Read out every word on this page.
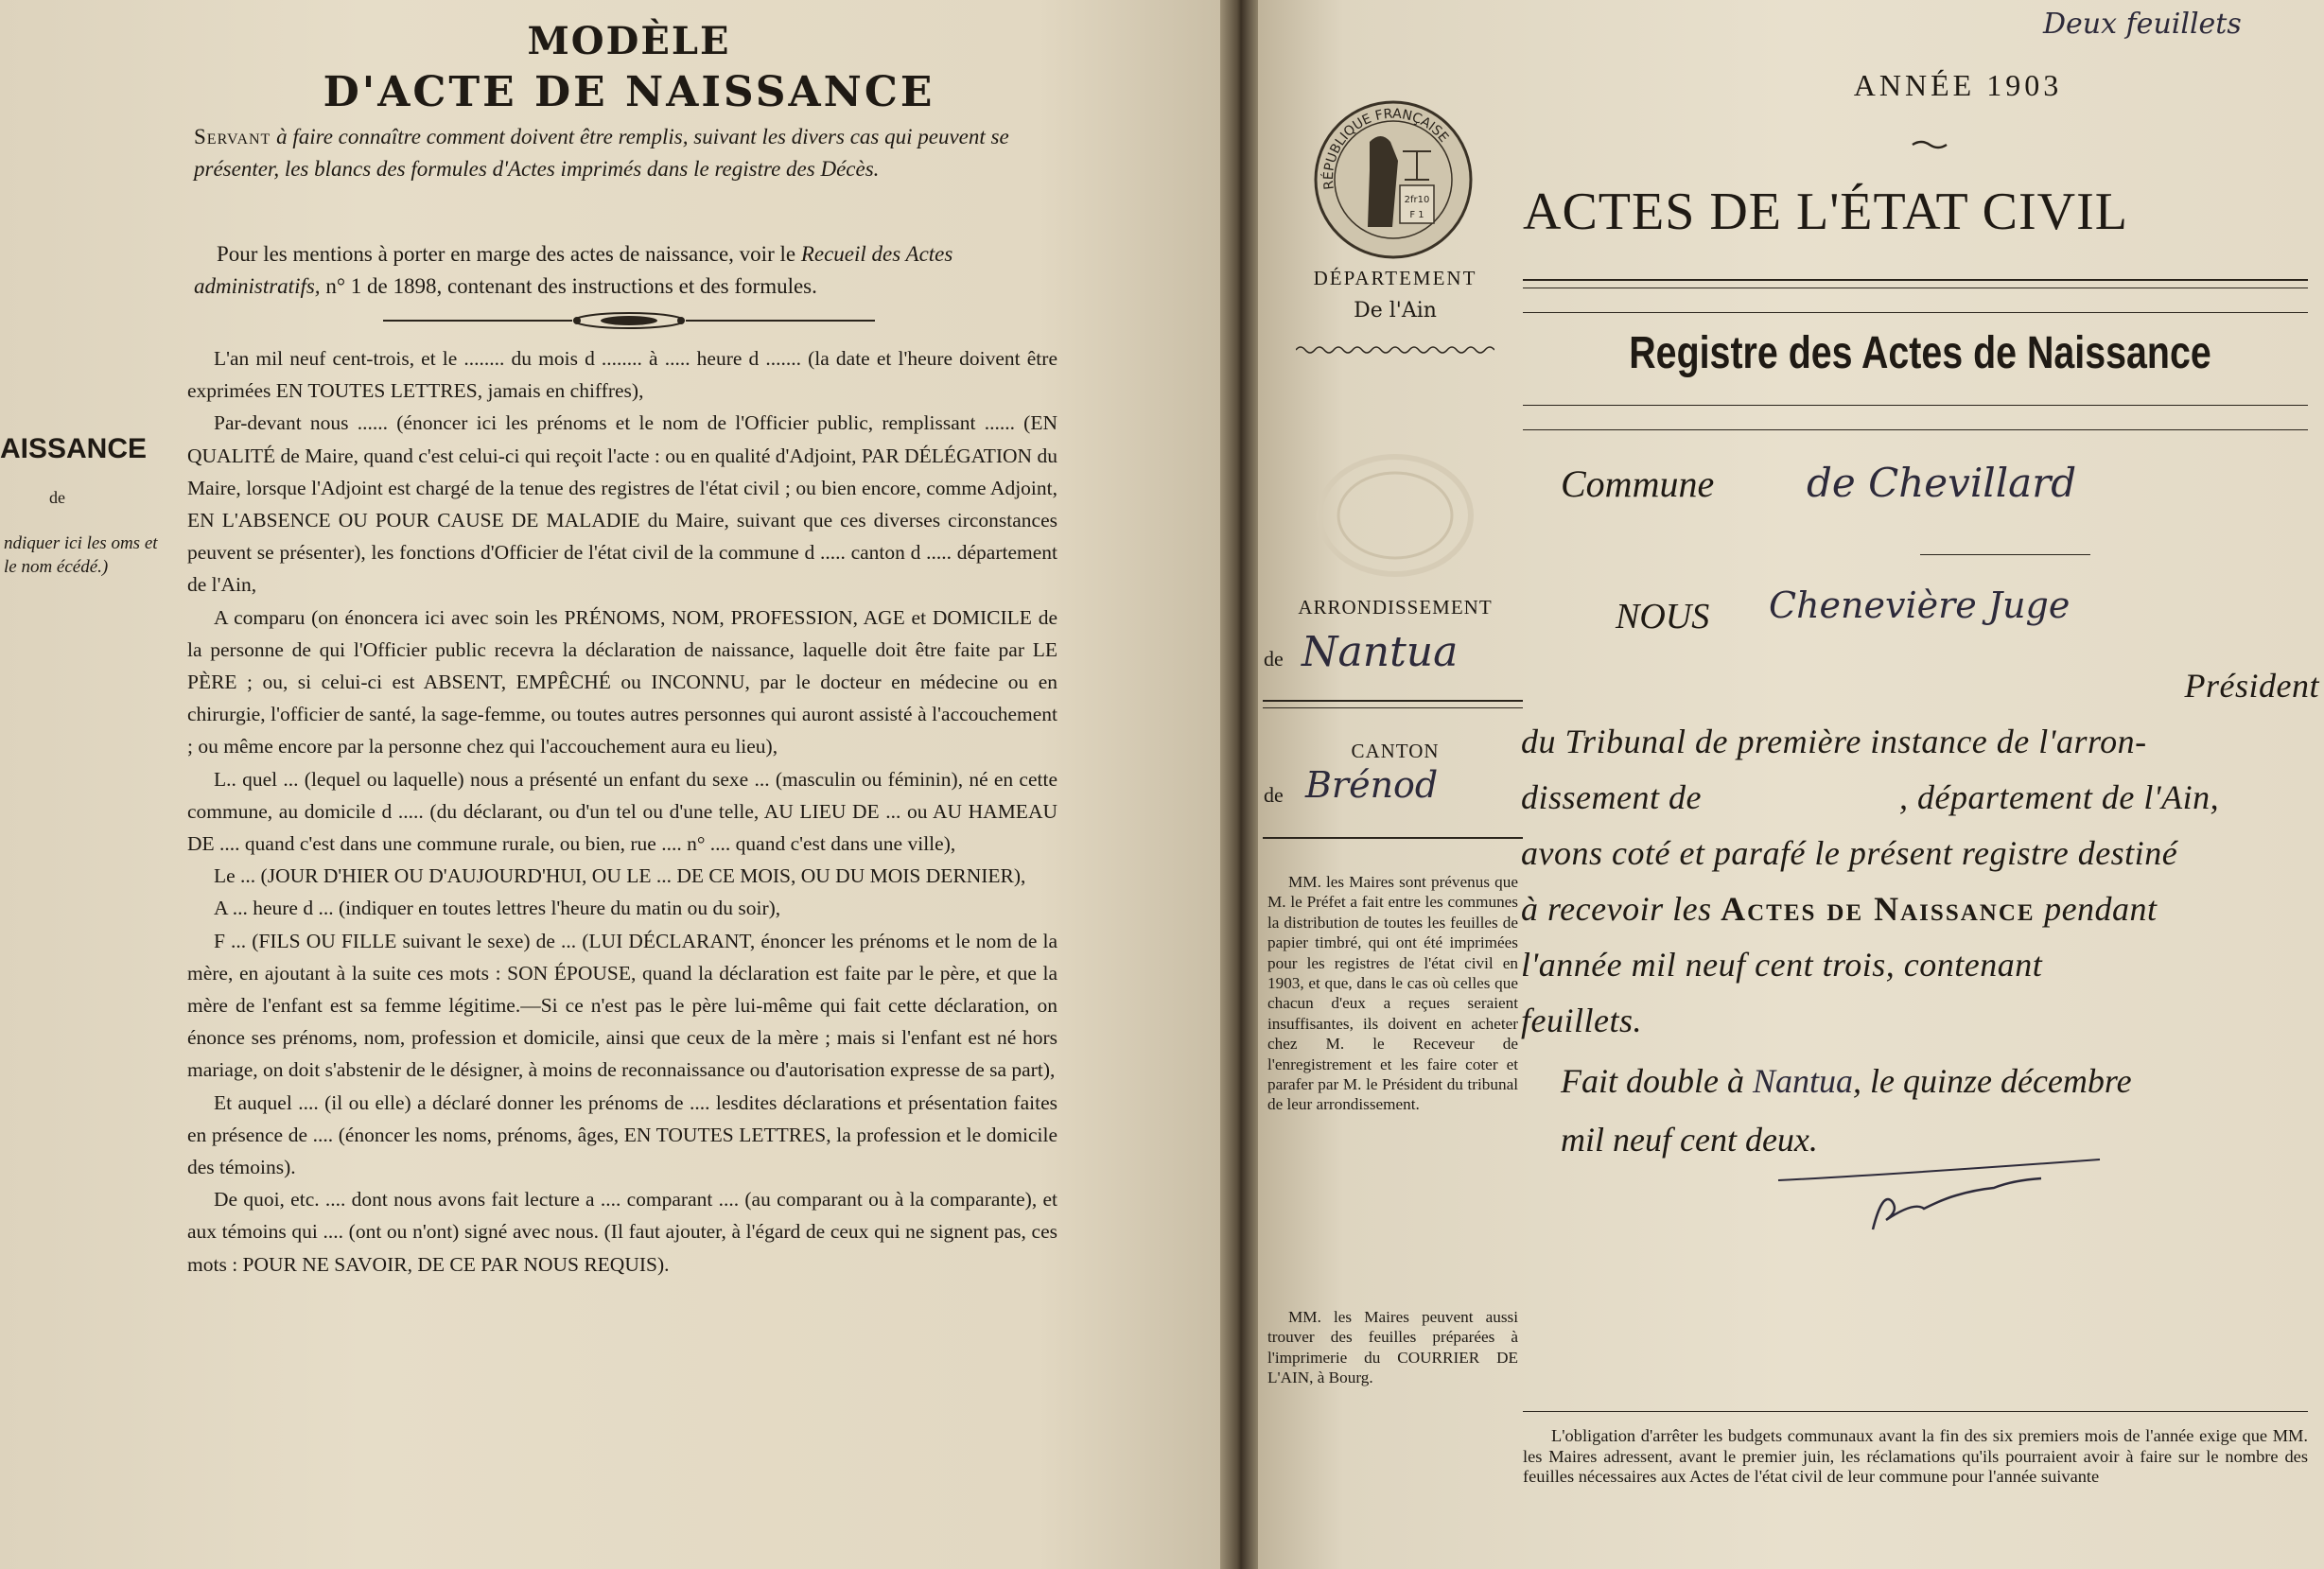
MODÈLE
D'ACTE DE NAISSANCE
Servant à faire connaître comment doivent être remplis, suivant les divers cas qui peuvent se présenter, les blancs des formules d'Actes imprimés dans le registre des Décès.
Pour les mentions à porter en marge des actes de naissance, voir le Recueil des Actes administratifs, n° 1 de 1898, contenant des instructions et des formules.

L'an mil neuf cent-trois, et le ........ du mois d ........ à ..... heure d ....... (la date et l'heure doivent être exprimées EN TOUTES LETTRES, jamais en chiffres),

Par-devant nous ...... (énoncer ici les prénoms et le nom de l'Officier public, remplissant ...... (EN QUALITÉ de Maire, quand c'est celui-ci qui reçoit l'acte : ou en qualité d'Adjoint, PAR DÉLÉGATION du Maire, lorsque l'Adjoint est chargé de la tenue des registres de l'état civil ; ou bien encore, comme Adjoint, EN L'ABSENCE OU POUR CAUSE DE MALADIE du Maire, suivant que ces diverses circonstances peuvent se présenter), les fonctions d'Officier de l'état civil de la commune d ..... canton d ..... département de l'Ain,

A comparu (on énoncera ici avec soin les PRÉNOMS, NOM, PROFESSION, AGE et DOMICILE de la personne de qui l'Officier public recevra la déclaration de naissance, laquelle doit être faite par LE PÈRE ; ou, si celui-ci est ABSENT, EMPÊCHÉ ou INCONNU, par le docteur en médecine ou en chirurgie, l'officier de santé, la sage-femme, ou toutes autres personnes qui auront assisté à l'accouchement ; ou même encore par la personne chez qui l'accouchement aura eu lieu),

L.. quel ... (lequel ou laquelle) nous a présenté un enfant du sexe ... (masculin ou féminin), né en cette commune, au domicile d ..... (du déclarant, ou d'un tel ou d'une telle, AU LIEU DE ... ou AU HAMEAU DE .... quand c'est dans une commune rurale, ou bien, rue .... n° .... quand c'est dans une ville),

Le ... (JOUR D'HIER OU D'AUJOURD'HUI, OU LE ... DE CE MOIS, OU DU MOIS DERNIER),

A ... heure d ... (indiquer en toutes lettres l'heure du matin ou du soir),

F ... (FILS OU FILLE suivant le sexe) de ... (LUI DÉCLARANT, énoncer les prénoms et le nom de la mère, en ajoutant à la suite ces mots : SON ÉPOUSE, quand la déclaration est faite par le père, et que la mère de l'enfant est sa femme légitime.—Si ce n'est pas le père lui-même qui fait cette déclaration, on énonce ses prénoms, nom, profession et domicile, ainsi que ceux de la mère ; mais si l'enfant est né hors mariage, on doit s'abstenir de le désigner, à moins de reconnaissance ou d'autorisation expresse de sa part),

Et auquel .... (il ou elle) a déclaré donner les prénoms de .... lesdites déclarations et présentation faites en présence de .... (énoncer les noms, prénoms, âges, EN TOUTES LETTRES, la profession et le domicile des témoins).

De quoi, etc. .... dont nous avons fait lecture a .... comparant .... (au comparant ou à la comparante), et aux témoins qui .... (ont ou n'ont) signé avec nous. (Il faut ajouter, à l'égard de ceux qui ne signent pas, ces mots : POUR NE SAVOIR, DE CE PAR NOUS REQUIS).

AISSANCE
de
ndiquer ici les oms et le nom écédé.)
RÉPUBLIQUE FRANÇAISE
2fr10
F 1
DÉPARTEMENT
De l'Ain
ARRONDISSEMENT
de Nantua
CANTON
de Brénod
MM. les Maires sont prévenus que M. le Préfet a fait entre les communes la distribution de toutes les feuilles de papier timbré, qui ont été imprimées pour les registres de l'état civil en 1903, et que, dans le cas où celles que chacun d'eux a reçues seraient insuffisantes, ils doivent en acheter chez M. le Receveur de l'enregistrement et les faire coter et parafer par M. le Président du tribunal de leur arrondissement.
MM. les Maires peuvent aussi trouver des feuilles préparées à l'imprimerie du COURRIER DE L'AIN, à Bourg.
ANNÉE 1903
Deux feuillets
ACTES DE L'ÉTAT CIVIL
Registre des Actes de Naissance
Commune de Chevillard
NOUS Chenevière Juge
Président
du Tribunal de première instance de l'arron-
dissement de	, département de l'Ain,
avons coté et parafé le présent registre destiné
à recevoir les Actes de Naissance pendant
l'année mil neuf cent trois, contenant
feuillets.
Fait double à Nantua, le quinze décembre
mil neuf cent deux.
L'obligation d'arrêter les budgets communaux avant la fin des six premiers mois de l'année exige que MM. les Maires adressent, avant le premier juin, les réclamations qu'ils pourraient avoir à faire sur le nombre des feuilles nécessaires aux Actes de l'état civil de leur commune pour l'année suivante
